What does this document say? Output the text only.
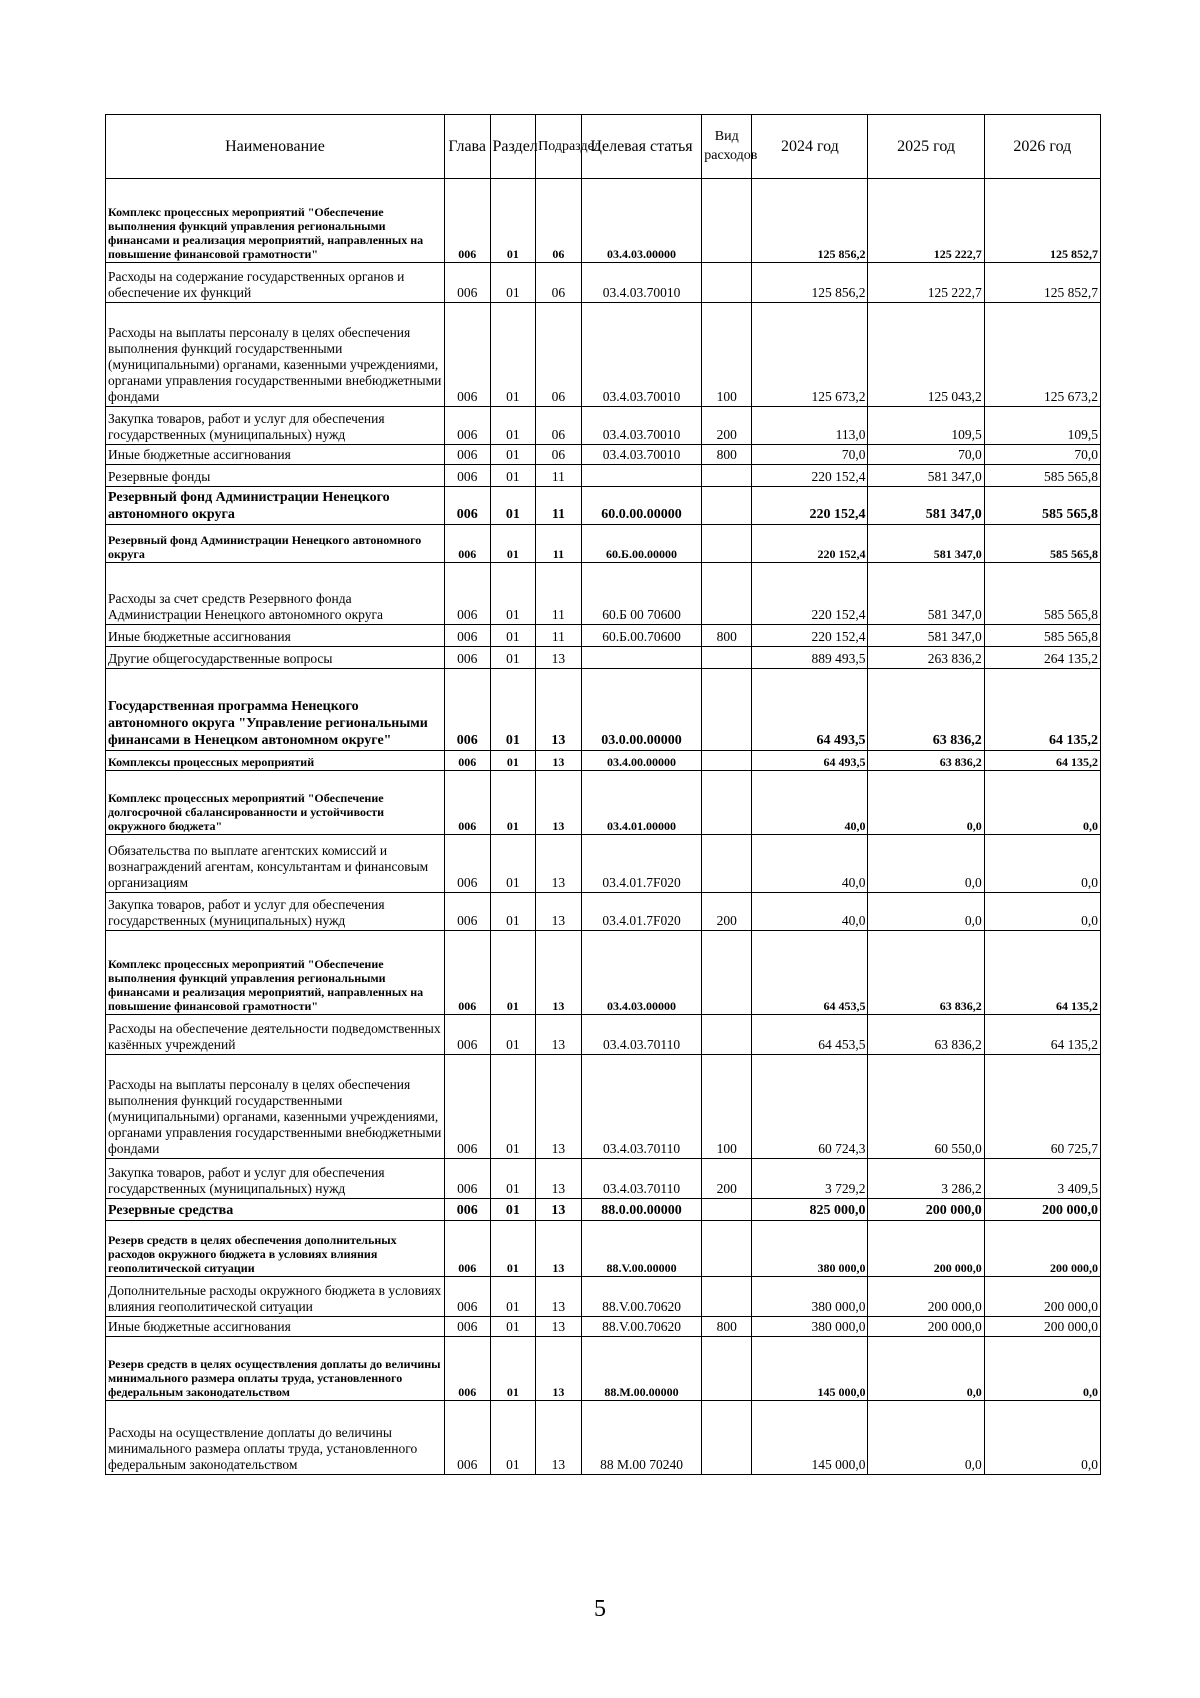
Наименование	Глава	Раздел	Подраздел	Целевая статья	Вид расходов	2024 год	2025 год	2026 год
Комплекс процессных мероприятий "Обеспечение выполнения функций управления региональными финансами и реализация мероприятий, направленных на повышение финансовой грамотности"	006	01	06	03.4.03.00000		125 856,2	125 222,7	125 852,7
Расходы на содержание государственных органов и обеспечение их функций	006	01	06	03.4.03.70010		125 856,2	125 222,7	125 852,7
Расходы на выплаты персоналу в целях обеспечения выполнения функций государственными (муниципальными) органами, казенными учреждениями, органами управления государственными внебюджетными фондами	006	01	06	03.4.03.70010	100	125 673,2	125 043,2	125 673,2
Закупка товаров, работ и услуг для обеспечения государственных (муниципальных) нужд	006	01	06	03.4.03.70010	200	113,0	109,5	109,5
Иные бюджетные ассигнования	006	01	06	03.4.03.70010	800	70,0	70,0	70,0
Резервные фонды	006	01	11			220 152,4	581 347,0	585 565,8
Резервный фонд Администрации Ненецкого автономного округа	006	01	11	60.0.00.00000		220 152,4	581 347,0	585 565,8
Резервный фонд Администрации Ненецкого автономного округа	006	01	11	60.Б.00.00000		220 152,4	581 347,0	585 565,8
Расходы за счет средств Резервного фонда Администрации Ненецкого автономного округа	006	01	11	60.Б 00 70600		220 152,4	581 347,0	585 565,8
Иные бюджетные ассигнования	006	01	11	60.Б.00.70600	800	220 152,4	581 347,0	585 565,8
Другие общегосударственные вопросы	006	01	13			889 493,5	263 836,2	264 135,2
Государственная программа Ненецкого автономного округа "Управление региональными финансами в Ненецком автономном округе"	006	01	13	03.0.00.00000		64 493,5	63 836,2	64 135,2
Комплексы процессных мероприятий	006	01	13	03.4.00.00000		64 493,5	63 836,2	64 135,2
Комплекс процессных мероприятий "Обеспечение долгосрочной сбалансированности и устойчивости окружного бюджета"	006	01	13	03.4.01.00000		40,0	0,0	0,0
Обязательства по выплате агентских комиссий и вознаграждений агентам, консультантам и финансовым организациям	006	01	13	03.4.01.7F020		40,0	0,0	0,0
Закупка товаров, работ и услуг для обеспечения государственных (муниципальных) нужд	006	01	13	03.4.01.7F020	200	40,0	0,0	0,0
Комплекс процессных мероприятий "Обеспечение выполнения функций управления региональными финансами и реализация мероприятий, направленных на повышение финансовой грамотности"	006	01	13	03.4.03.00000		64 453,5	63 836,2	64 135,2
Расходы на обеспечение деятельности подведомственных казённых учреждений	006	01	13	03.4.03.70110		64 453,5	63 836,2	64 135,2
Расходы на выплаты персоналу в целях обеспечения выполнения функций государственными (муниципальными) органами, казенными учреждениями, органами управления государственными внебюджетными фондами	006	01	13	03.4.03.70110	100	60 724,3	60 550,0	60 725,7
Закупка товаров, работ и услуг для обеспечения государственных (муниципальных) нужд	006	01	13	03.4.03.70110	200	3 729,2	3 286,2	3 409,5
Резервные средства	006	01	13	88.0.00.00000		825 000,0	200 000,0	200 000,0
Резерв средств в целях обеспечения дополнительных расходов окружного бюджета в условиях влияния геополитической ситуации	006	01	13	88.V.00.00000		380 000,0	200 000,0	200 000,0
Дополнительные расходы окружного бюджета в условиях влияния геополитической ситуации	006	01	13	88.V.00.70620		380 000,0	200 000,0	200 000,0
Иные бюджетные ассигнования	006	01	13	88.V.00.70620	800	380 000,0	200 000,0	200 000,0
Резерв средств в целях осуществления доплаты до величины минимального размера оплаты труда, установленного федеральным законодательством	006	01	13	88.M.00.00000		145 000,0	0,0	0,0
Расходы на осуществление доплаты до величины минимального размера оплаты труда, установленного федеральным законодательством	006	01	13	88 M.00 70240		145 000,0	0,0	0,0
5
